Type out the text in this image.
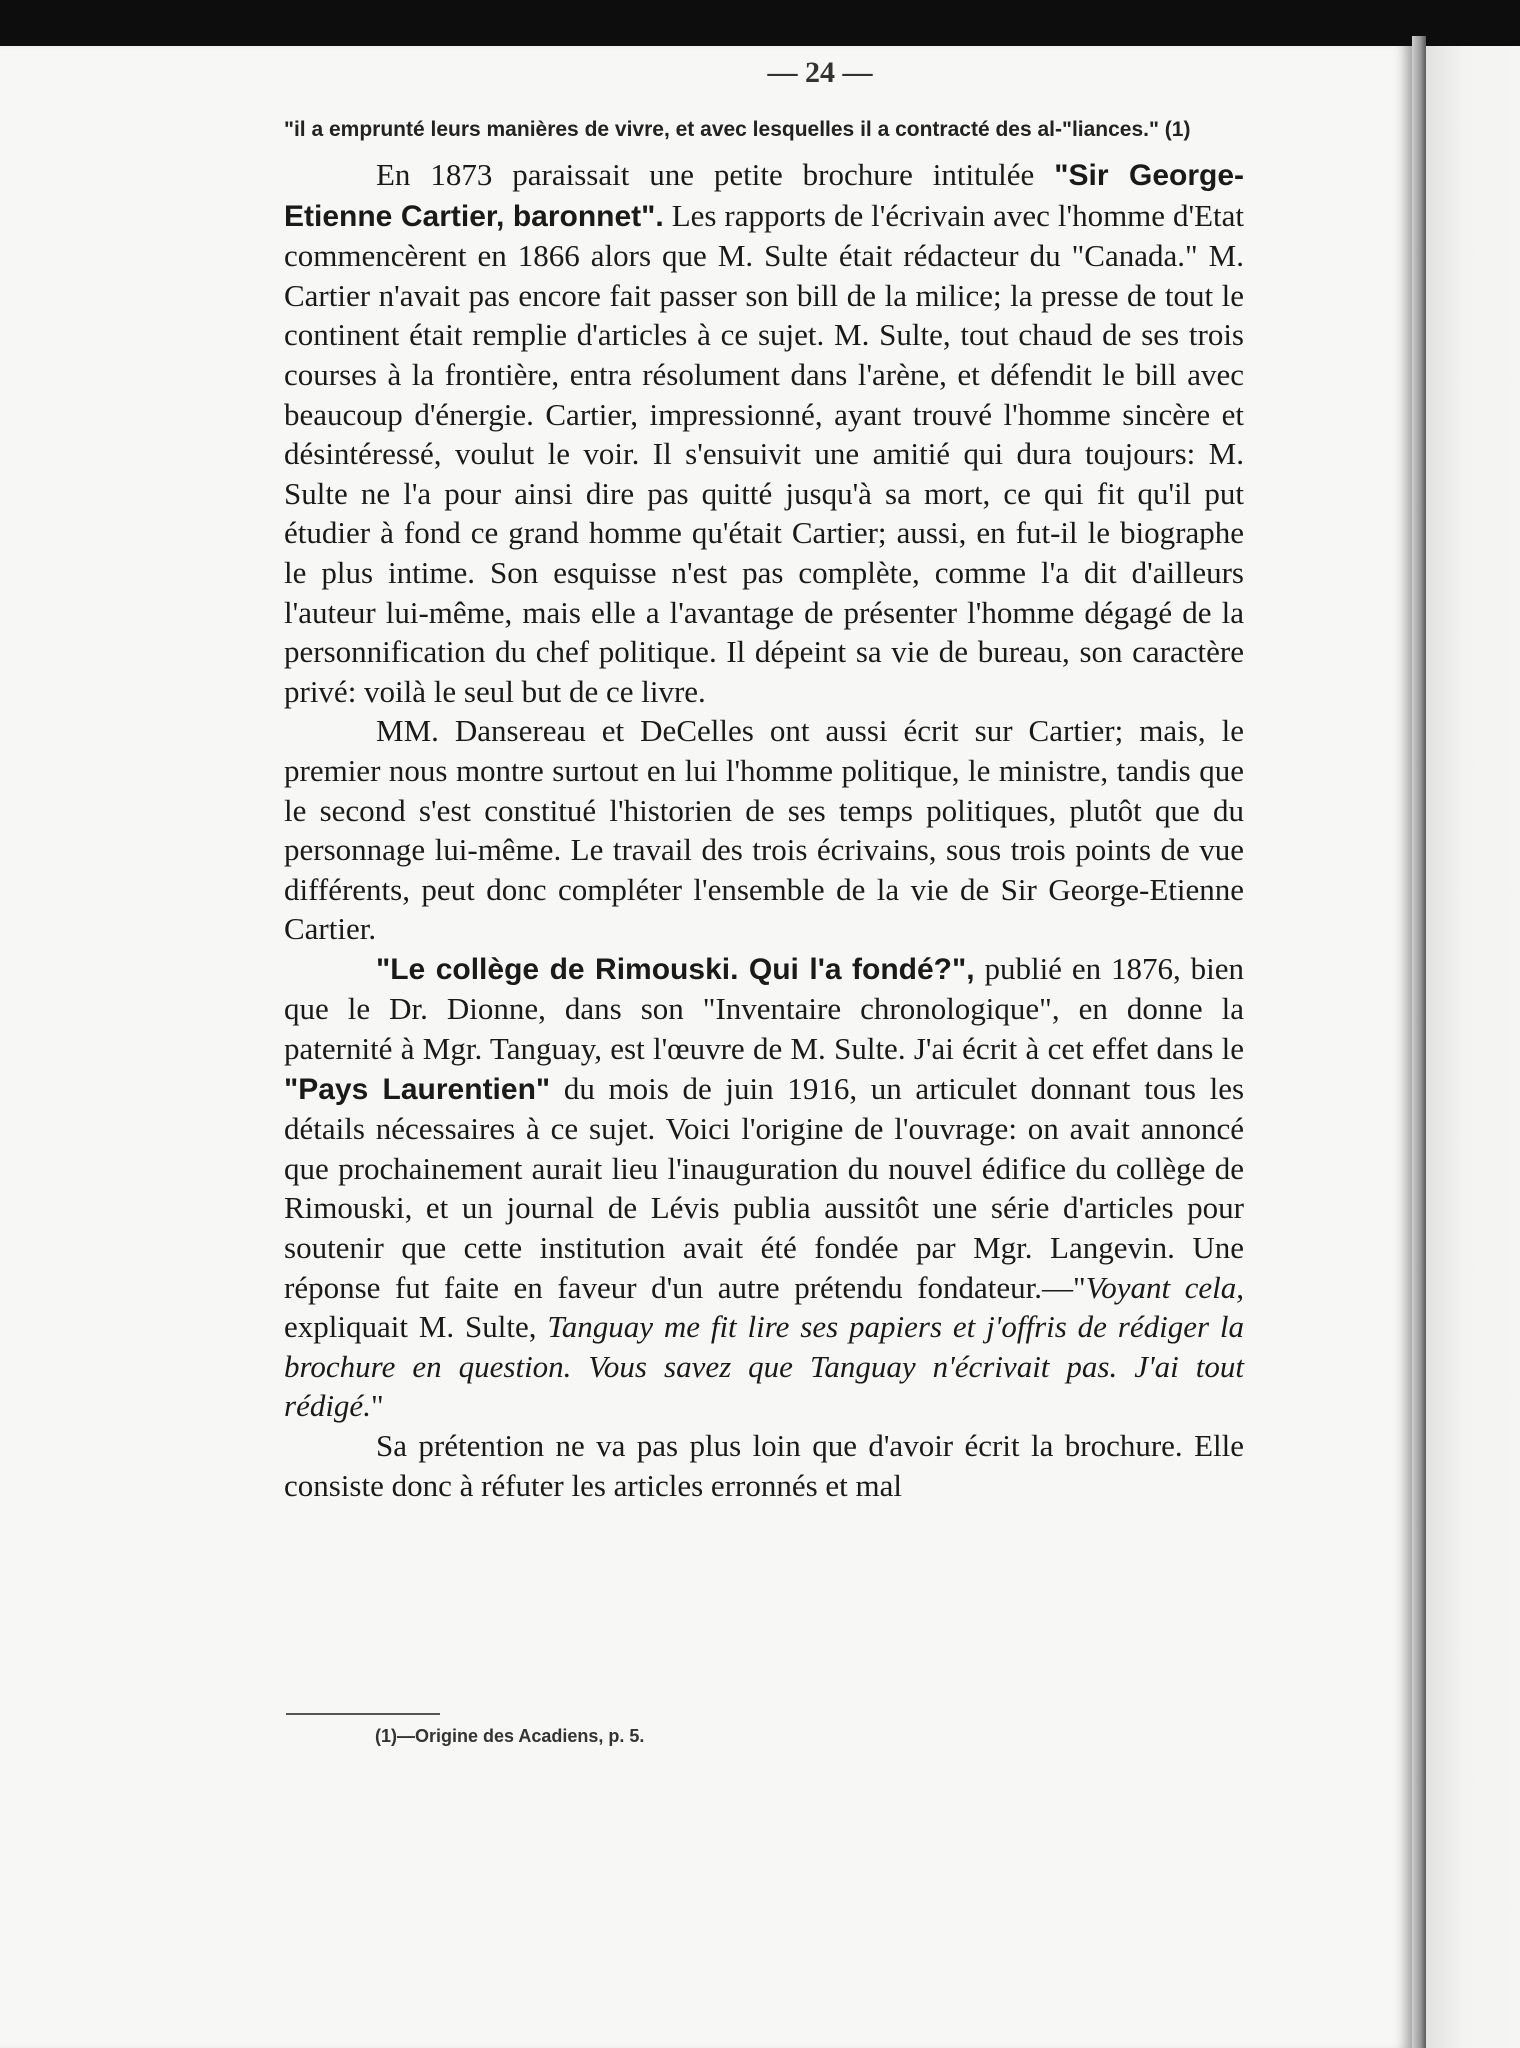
— 24 —

"il a emprunté leurs manières de vivre, et avec lesquelles il a contracté des al-"liances." (1)

En 1873 paraissait une petite brochure intitulée "Sir George-Etienne Cartier, baronnet". Les rapports de l'écrivain avec l'homme d'Etat commencèrent en 1866 alors que M. Sulte était rédacteur du "Canada." M. Cartier n'avait pas encore fait passer son bill de la milice; la presse de tout le continent était remplie d'articles à ce sujet. M. Sulte, tout chaud de ses trois courses à la frontière, entra résolument dans l'arène, et défendit le bill avec beaucoup d'énergie. Cartier, impressionné, ayant trouvé l'homme sincère et désintéressé, voulut le voir. Il s'ensuivit une amitié qui dura toujours: M. Sulte ne l'a pour ainsi dire pas quitté jusqu'à sa mort, ce qui fit qu'il put étudier à fond ce grand homme qu'était Cartier; aussi, en fut-il le biographe le plus intime. Son esquisse n'est pas complète, comme l'a dit d'ailleurs l'auteur lui-même, mais elle a l'avantage de présenter l'homme dégagé de la personnification du chef politique. Il dépeint sa vie de bureau, son caractère privé: voilà le seul but de ce livre.

MM. Dansereau et DeCelles ont aussi écrit sur Cartier; mais, le premier nous montre surtout en lui l'homme politique, le ministre, tandis que le second s'est constitué l'historien de ses temps politiques, plutôt que du personnage lui-même. Le travail des trois écrivains, sous trois points de vue différents, peut donc compléter l'ensemble de la vie de Sir George-Etienne Cartier.

"Le collège de Rimouski. Qui l'a fondé?", publié en 1876, bien que le Dr. Dionne, dans son "Inventaire chronologique", en donne la paternité à Mgr. Tanguay, est l'œuvre de M. Sulte. J'ai écrit à cet effet dans le "Pays Laurentien" du mois de juin 1916, un articulet donnant tous les détails nécessaires à ce sujet. Voici l'origine de l'ouvrage: on avait annoncé que prochainement aurait lieu l'inauguration du nouvel édifice du collège de Rimouski, et un journal de Lévis publia aussitôt une série d'articles pour soutenir que cette institution avait été fondée par Mgr. Langevin. Une réponse fut faite en faveur d'un autre prétendu fondateur.—"Voyant cela, expliquait M. Sulte, Tanguay me fit lire ses papiers et j'offris de rédiger la brochure en question. Vous savez que Tanguay n'écrivait pas. J'ai tout rédigé."

Sa prétention ne va pas plus loin que d'avoir écrit la brochure. Elle consiste donc à réfuter les articles erronnés et mal

(1)—Origine des Acadiens, p. 5.
